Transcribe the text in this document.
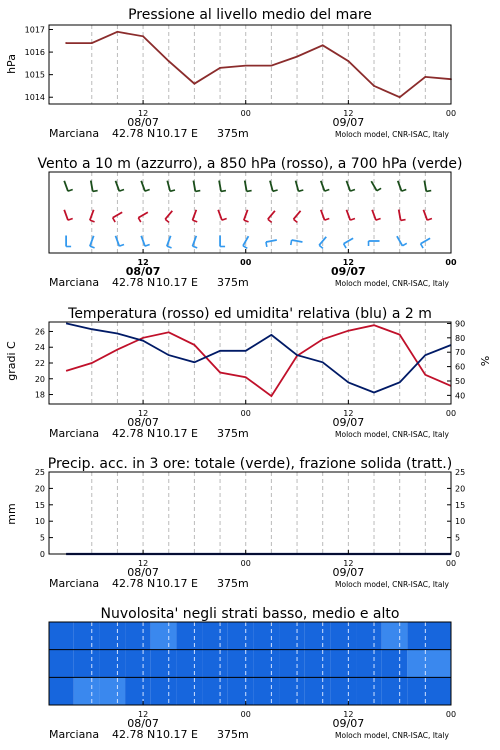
Pressione al livello medio del mare
Vento a 10 m (azzurro), a 850 hPa (rosso), a 700 hPa (verde)
Temperatura (rosso) ed umidita' relativa (blu) a 2 m
Precip. acc. in 3 ore: totale (verde), frazione solida (tratt.)
Nuvolosita' negli strati basso, medio e alto
hPa
gradi C	%
mm
1014
1015
1016
1017
12	00	12	00
08/07	09/07
Marciana 42.78 N 10.17 E 375m	Moloch model, CNR-ISAC, Italy
12	00	12	00
08/07	09/07
Marciana 42.78 N 10.17 E 375m	Moloch model, CNR-ISAC, Italy
18
20
22
24
26
40
50
60
70
80
90
12	00	12	00
08/07	09/07
Marciana 42.78 N 10.17 E 375m	Moloch model, CNR-ISAC, Italy
0	0
5	5
10	10
15	15
20	20
25	25
12	00	12	00
08/07	09/07
Marciana 42.78 N 10.17 E 375m	Moloch model, CNR-ISAC, Italy
12	00	12	00
08/07	09/07
Marciana 42.78 N 10.17 E 375m	Moloch model, CNR-ISAC, Italy
